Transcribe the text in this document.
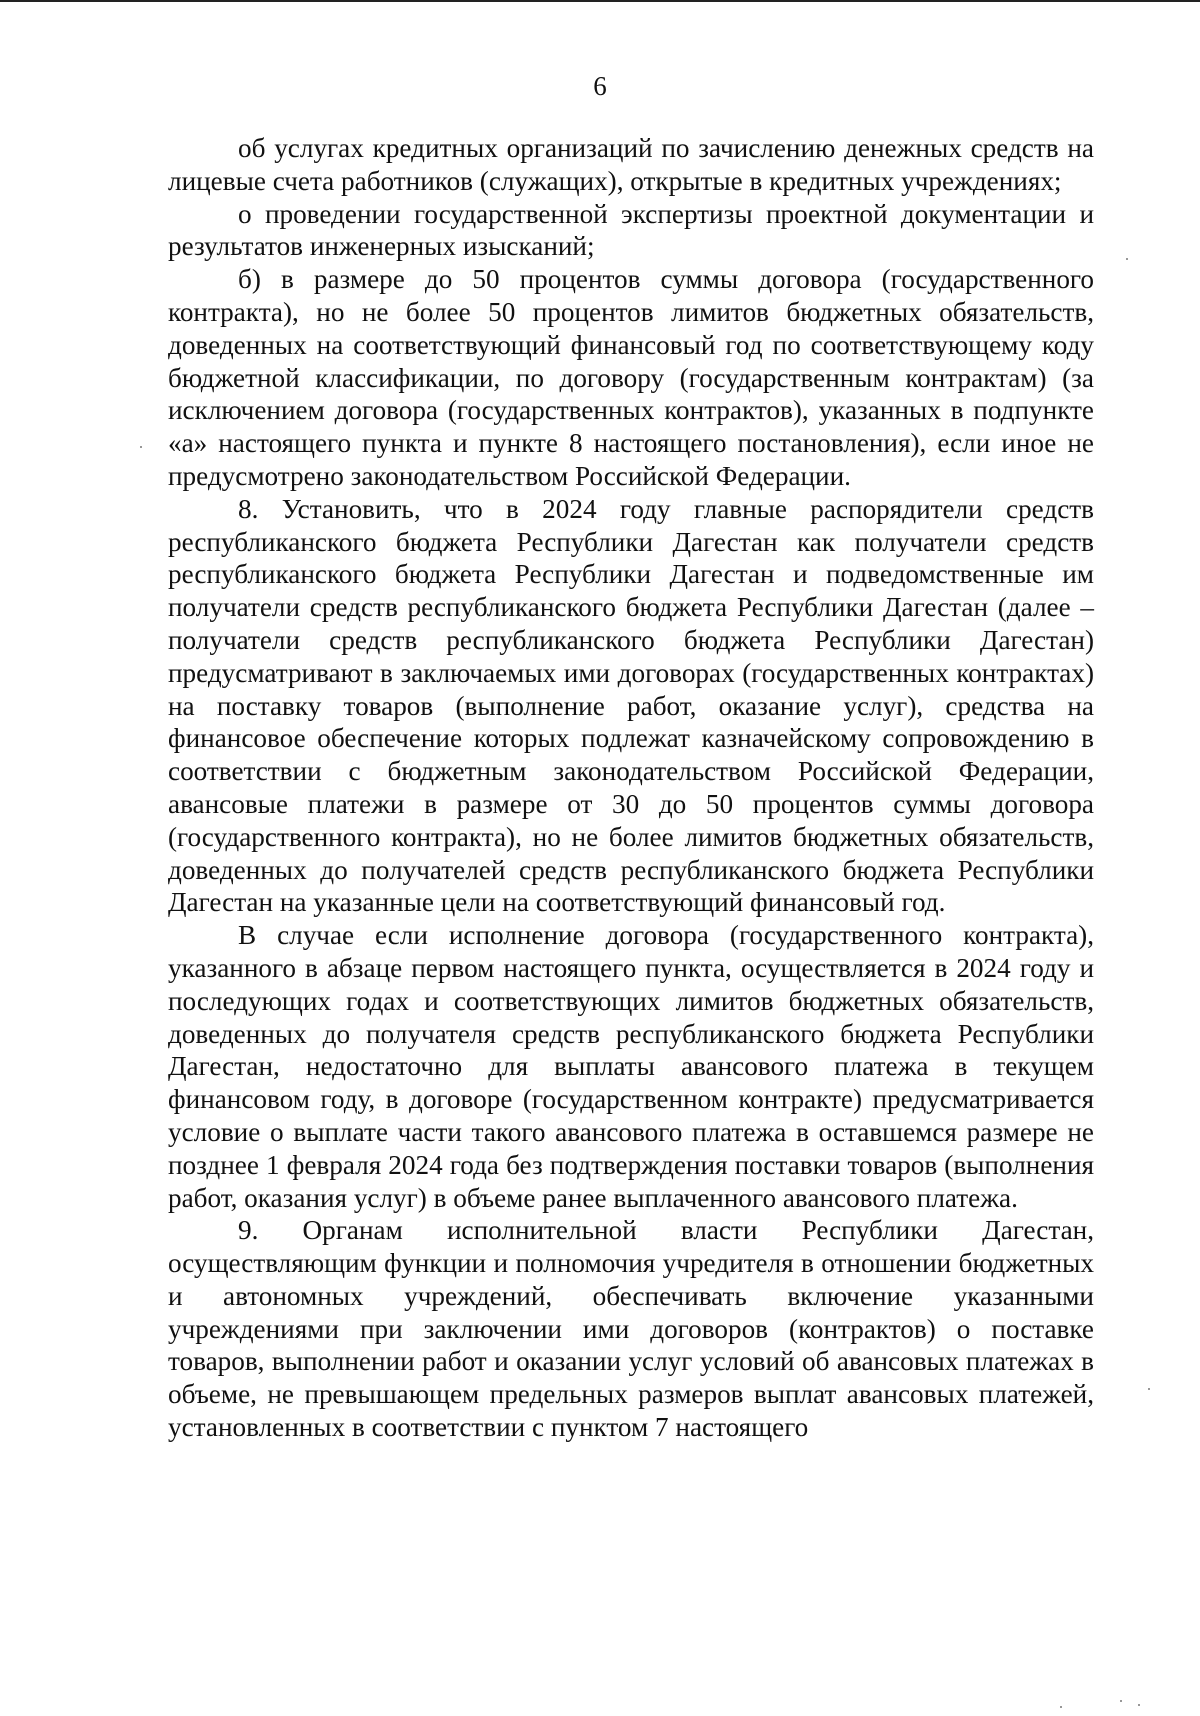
6

об услугах кредитных организаций по зачислению денежных средств на лицевые счета работников (служащих), открытые в кредитных учреждениях;

о проведении государственной экспертизы проектной документации и результатов инженерных изысканий;

б) в размере до 50 процентов суммы договора (государственного контракта), но не более 50 процентов лимитов бюджетных обязательств, доведенных на соответствующий финансовый год по соответствующему коду бюджетной классификации, по договору (государственным контрактам) (за исключением договора (государственных контрактов), указанных в подпункте «а» настоящего пункта и пункте 8 настоящего постановления), если иное не предусмотрено законодательством Российской Федерации.

8. Установить, что в 2024 году главные распорядители средств республиканского бюджета Республики Дагестан как получатели средств республиканского бюджета Республики Дагестан и подведомственные им получатели средств республиканского бюджета Республики Дагестан (далее – получатели средств республиканского бюджета Республики Дагестан) предусматривают в заключаемых ими договорах (государственных контрактах) на поставку товаров (выполнение работ, оказание услуг), средства на финансовое обеспечение которых подлежат казначейскому сопровождению в соответствии с бюджетным законодательством Российской Федерации, авансовые платежи в размере от 30 до 50 процентов суммы договора (государственного контракта), но не более лимитов бюджетных обязательств, доведенных до получателей средств республиканского бюджета Республики Дагестан на указанные цели на соответствующий финансовый год.

В случае если исполнение договора (государственного контракта), указанного в абзаце первом настоящего пункта, осуществляется в 2024 году и последующих годах и соответствующих лимитов бюджетных обязательств, доведенных до получателя средств республиканского бюджета Республики Дагестан, недостаточно для выплаты авансового платежа в текущем финансовом году, в договоре (государственном контракте) предусматривается условие о выплате части такого авансового платежа в оставшемся размере не позднее 1 февраля 2024 года без подтверждения поставки товаров (выполнения работ, оказания услуг) в объеме ранее выплаченного авансового платежа.

9. Органам исполнительной власти Республики Дагестан, осуществляющим функции и полномочия учредителя в отношении бюджетных и автономных учреждений, обеспечивать включение указанными учреждениями при заключении ими договоров (контрактов) о поставке товаров, выполнении работ и оказании услуг условий об авансовых платежах в объеме, не превышающем предельных размеров выплат авансовых платежей, установленных в соответствии с пунктом 7 настоящего
